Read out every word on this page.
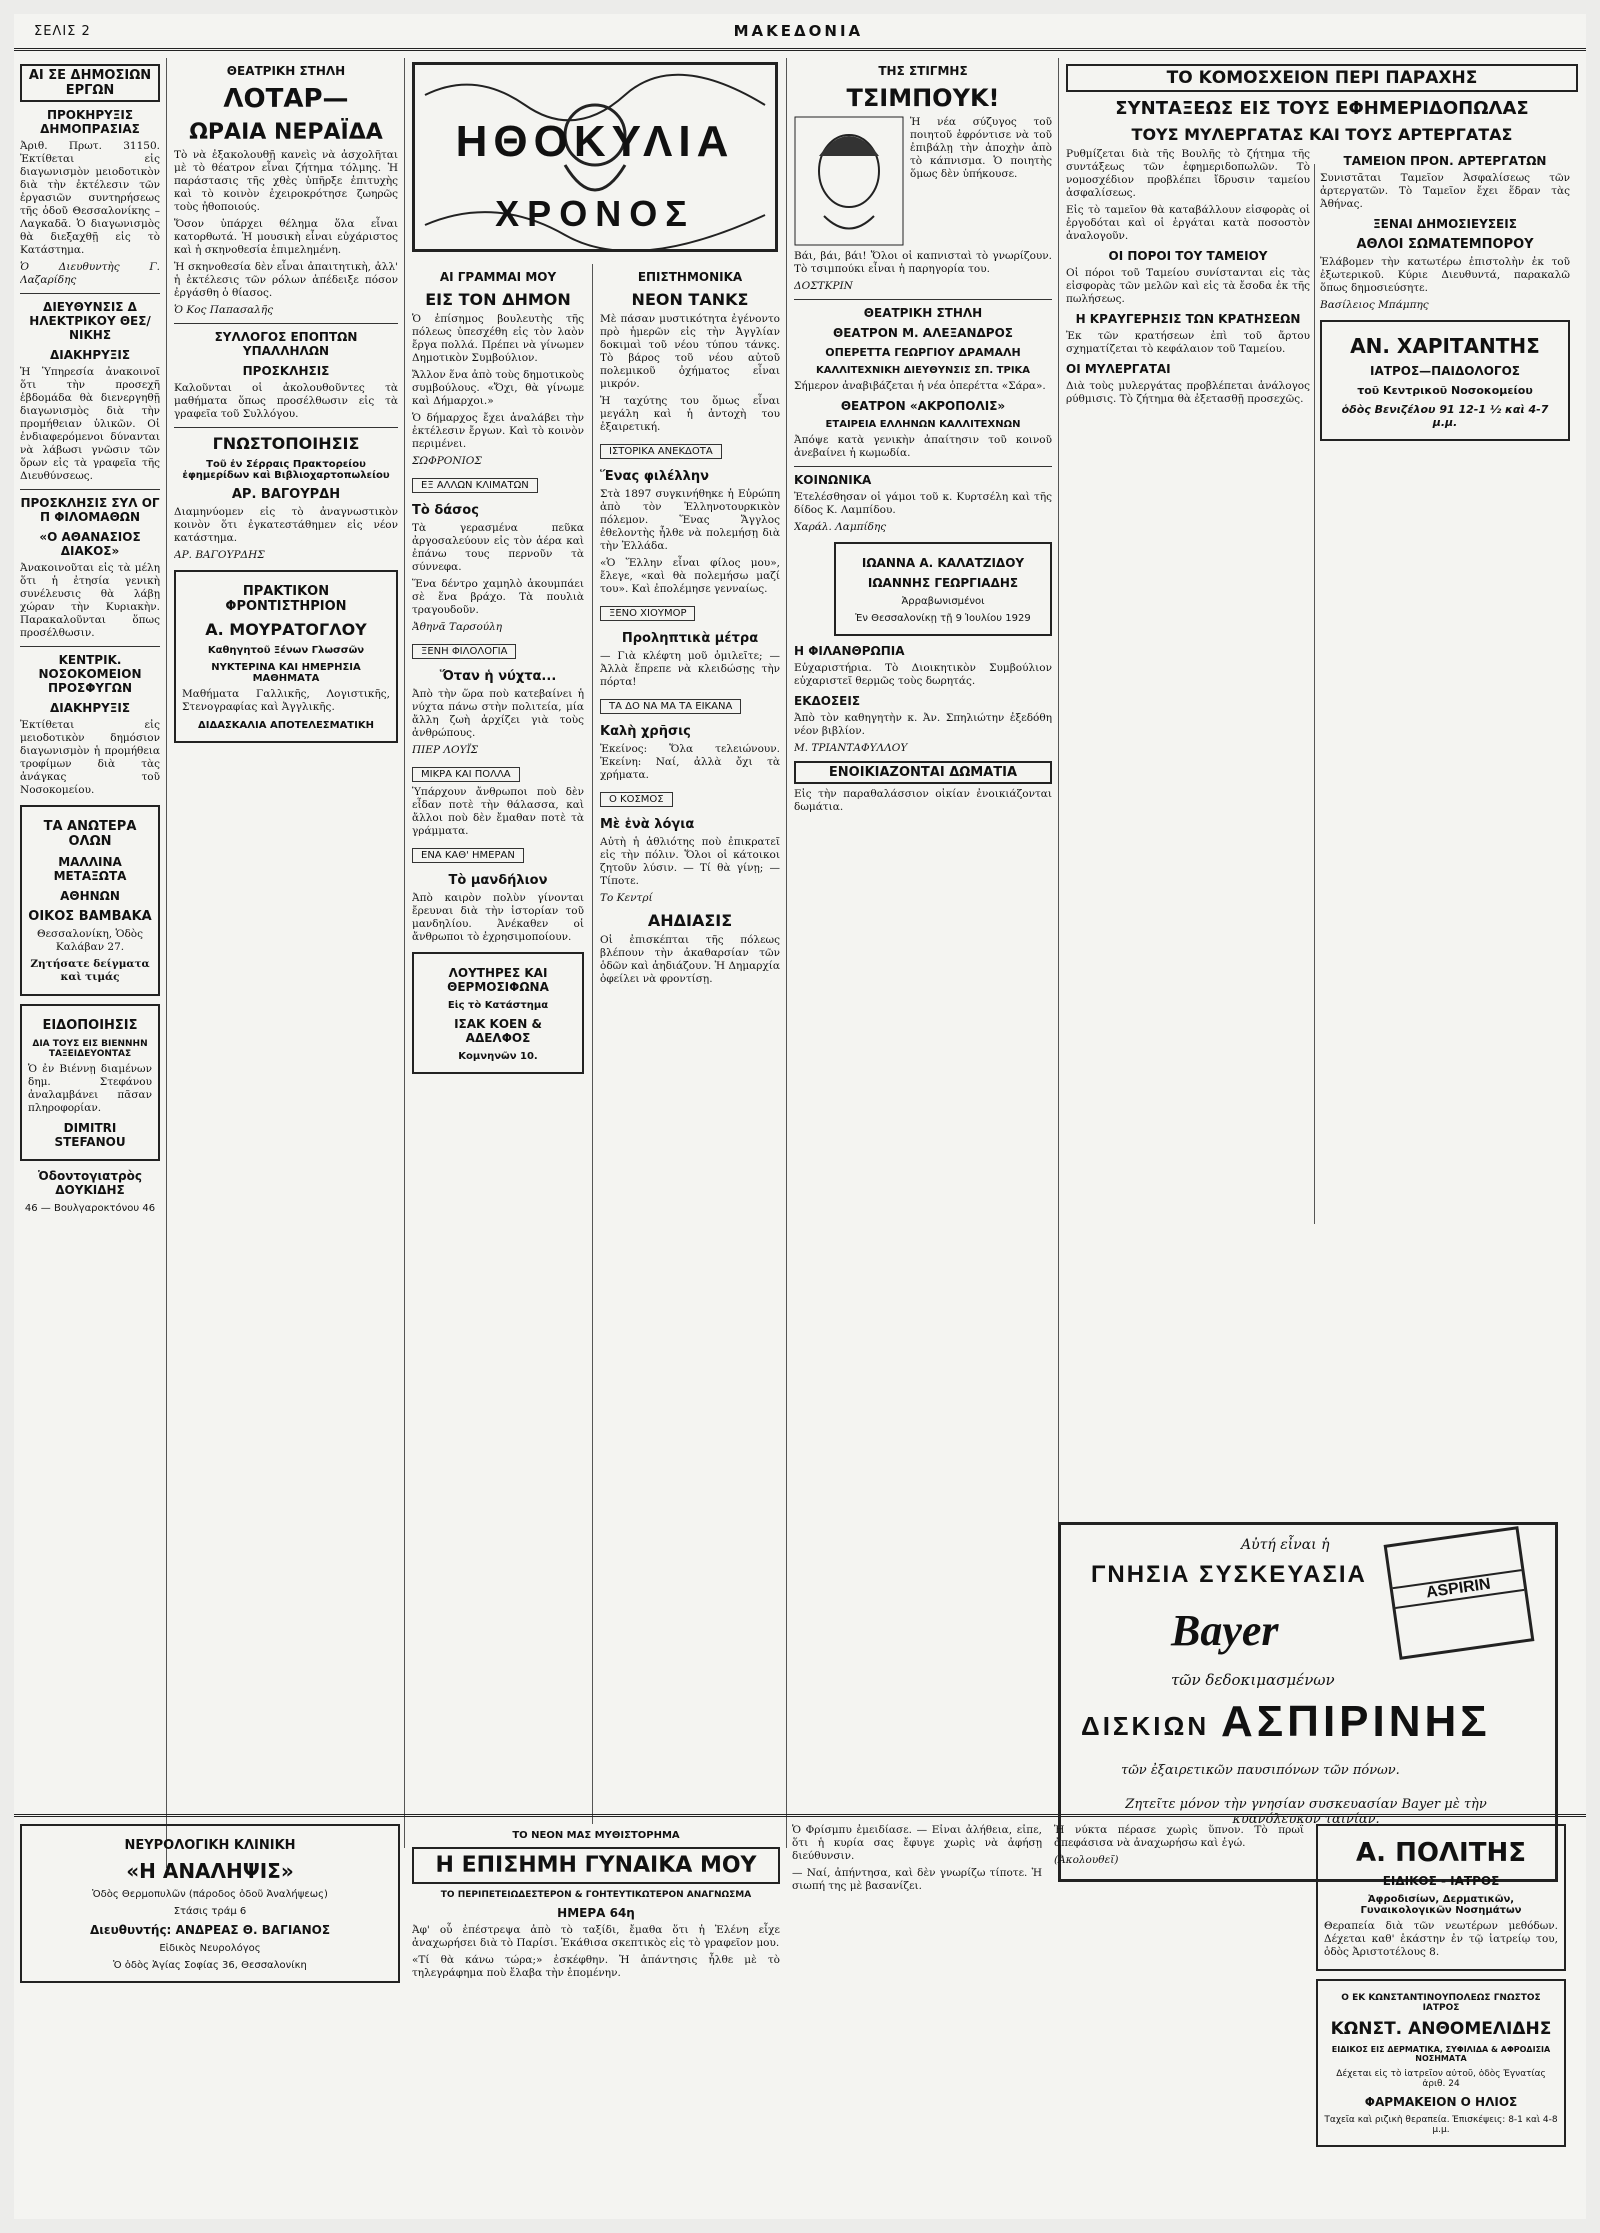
ΣΕΛΙΣ 2	ΜΑΚΕΔΟΝΙΑ
ΑΙ ΣΕ ΔΗΜΟΣΙΩΝ ΕΡΓΩΝ
ΠΡΟΚΗΡΥΞΙΣ ΔΗΜΟΠΡΑΣΙΑΣ

Ἀριθ. Πρωτ. 31150. Ἐκτίθεται εἰς διαγωνισμὸν μειοδοτικὸν διὰ τὴν ἐκτέλεσιν τῶν ἐργασιῶν συντηρήσεως τῆς ὁδοῦ Θεσσαλονίκης – Λαγκαδᾶ. Ὁ διαγωνισμὸς θὰ διεξαχθῇ εἰς τὸ Κατάστημα.

Ὁ Διευθυντὴς Γ. Λαζαρίδης

ΔΙΕΥΘΥΝΣΙΣ Δ ΗΛΕΚΤΡΙΚΟΥ ΘΕΣ/ΝΙΚΗΣ
ΔΙΑΚΗΡΥΞΙΣ

Ἡ Ὑπηρεσία ἀνακοινοῖ ὅτι τὴν προσεχῆ ἑβδομάδα θὰ διενεργηθῇ διαγωνισμὸς διὰ τὴν προμήθειαν ὑλικῶν. Οἱ ἐνδιαφερόμενοι δύνανται νὰ λάβωσι γνῶσιν τῶν ὅρων εἰς τὰ γραφεῖα τῆς Διευθύνσεως.

ΠΡΟΣΚΛΗΣΙΣ ΣΥΛ ΟΓ Π ΦΙΛΟΜΑΘΩΝ
«Ο ΑΘΑΝΑΣΙΟΣ ΔΙΑΚΟΣ»

Ἀνακοινοῦται εἰς τὰ μέλη ὅτι ἡ ἐτησία γενικὴ συνέλευσις θὰ λάβῃ χώραν τὴν Κυριακὴν. Παρακαλοῦνται ὅπως προσέλθωσιν.

ΚΕΝΤΡΙΚ. ΝΟΣΟΚΟΜΕΙΟΝ ΠΡΟΣΦΥΓΩΝ
ΔΙΑΚΗΡΥΞΙΣ

Ἐκτίθεται εἰς μειοδοτικὸν δημόσιον διαγωνισμὸν ἡ προμήθεια τροφίμων διὰ τὰς ἀνάγκας τοῦ Νοσοκομείου.

ΤΑ ΑΝΩΤΕΡΑ ΟΛΩΝ
ΜΑΛΛΙΝΑ ΜΕΤΑΞΩΤΑ
ΑΘΗΝΩΝ
ΟΙΚΟΣ ΒΑΜΒΑΚΑ

Θεσσαλονίκη, Ὁδὸς Καλάβαν 27.

Ζητήσατε δείγματα καὶ τιμάς

ΕΙΔΟΠΟΙΗΣΙΣ
ΔΙΑ ΤΟΥΣ ΕΙΣ ΒΙΕΝΝΗΝ ΤΑΞΕΙΔΕΥΟΝΤΑΣ

Ὁ ἐν Βιέννῃ διαμένων δημ. Στεφάνου ἀναλαμβάνει πᾶσαν πληροφορίαν.

DIMITRI STEFANOU
Ὀδοντογιατρὸς ΔΟΥΚΙΔΗΣ
46 — Βουλγαροκτόνου 46
ΘΕΑΤΡΙΚΗ ΣΤΗΛΗ
ΛΟΤΑΡ—
ΩΡΑΙΑ ΝΕΡΑΪΔΑ

Τὸ νὰ ἐξακολουθῇ κανεὶς νὰ ἀσχολῆται μὲ τὸ θέατρον εἶναι ζήτημα τόλμης. Ἡ παράστασις τῆς χθὲς ὑπῆρξε ἐπιτυχὴς καὶ τὸ κοινὸν ἐχειροκρότησε ζωηρῶς τοὺς ἠθοποιούς.

Ὅσον ὑπάρχει θέλημα ὅλα εἶναι κατορθωτά. Ἡ μουσικὴ εἶναι εὐχάριστος καὶ ἡ σκηνοθεσία ἐπιμελημένη.

Ἡ σκηνοθεσία δὲν εἶναι ἀπαιτητικὴ, ἀλλ' ἡ ἐκτέλεσις τῶν ρόλων ἀπέδειξε πόσον ἐργάσθη ὁ θίασος.

Ὁ Κος Παπασαλῆς

ΣΥΛΛΟΓΟΣ ΕΠΟΠΤΩΝ ΥΠΑΛΛΗΛΩΝ
ΠΡΟΣΚΛΗΣΙΣ

Καλοῦνται οἱ ἀκολουθοῦντες τὰ μαθήματα ὅπως προσέλθωσιν εἰς τὰ γραφεῖα τοῦ Συλλόγου.

ΓΝΩΣΤΟΠΟΙΗΣΙΣ
Τοῦ ἐν Σέρραις Πρακτορείου ἐφημερίδων καὶ Βιβλιοχαρτοπωλείου
ΑΡ. ΒΑΓΟΥΡΔΗ

Διαμηνύομεν εἰς τὸ ἀναγνωστικὸν κοινὸν ὅτι ἐγκατεστάθημεν εἰς νέον κατάστημα.

ΑΡ. ΒΑΓΟΥΡΔΗΣ

ΠΡΑΚΤΙΚΟΝ ΦΡΟΝΤΙΣΤΗΡΙΟΝ
Α. ΜΟΥΡΑΤΟΓΛΟΥ
Καθηγητοῦ Ξένων Γλωσσῶν
ΝΥΚΤΕΡΙΝΑ ΚΑΙ ΗΜΕΡΗΣΙΑ ΜΑΘΗΜΑΤΑ

Μαθήματα Γαλλικῆς, Λογιστικῆς, Στενογραφίας καὶ Ἀγγλικῆς.

ΔΙΔΑΣΚΑΛΙΑ ΑΠΟΤΕΛΕΣΜΑΤΙΚΗ
ΗΘΟΚΥΛΙΑ
ΧΡΟΝΟΣ
ΑΙ ΓΡΑΜΜΑΙ ΜΟΥ
ΕΙΣ ΤΟΝ ΔΗΜΟΝ

Ὁ ἐπίσημος βουλευτὴς τῆς πόλεως ὑπεσχέθη εἰς τὸν λαὸν ἔργα πολλά. Πρέπει νὰ γίνωμεν Δημοτικὸν Συμβούλιον.

Ἄλλον ἕνα ἀπὸ τοὺς δημοτικοὺς συμβούλους. «Ὄχι, θὰ γίνωμε καὶ Δήμαρχοι.»

Ὁ δήμαρχος ἔχει ἀναλάβει τὴν ἐκτέλεσιν ἔργων. Καὶ τὸ κοινὸν περιμένει.

ΣΩΦΡΟΝΙΟΣ

ΕΞ ΑΛΛΩΝ ΚΛΙΜΑΤΩΝ
Τὸ δάσος

Τὰ γερασμένα πεῦκα ἀργοσαλεύουν εἰς τὸν ἀέρα καὶ ἐπάνω τους περνοῦν τὰ σύννεφα.

Ἕνα δέντρο χαμηλὸ ἀκουμπάει σὲ ἕνα βράχο. Τὰ πουλιὰ τραγουδοῦν.

Ἀθηνᾶ Ταρσούλη

ΞΕΝΗ ΦΙΛΟΛΟΓΙΑ
Ὅταν ἡ νύχτα...

Ἀπὸ τὴν ὥρα ποὺ κατεβαίνει ἡ νύχτα πάνω στὴν πολιτεία, μία ἄλλη ζωὴ ἀρχίζει γιὰ τοὺς ἀνθρώπους.

ΠΙΕΡ ΛΟΥΪΣ

ΜΙΚΡΑ ΚΑΙ ΠΟΛΛΑ

Ὑπάρχουν ἄνθρωποι ποὺ δὲν εἶδαν ποτὲ τὴν θάλασσα, καὶ ἄλλοι ποὺ δὲν ἔμαθαν ποτὲ τὰ γράμματα.

ΕΝΑ ΚΑΘ' ΗΜΕΡΑΝ
Τὸ μανδήλιον

Ἀπὸ καιρὸν πολὺν γίνονται ἔρευναι διὰ τὴν ἱστορίαν τοῦ μανδηλίου. Ἀνέκαθεν οἱ ἄνθρωποι τὸ ἐχρησιμοποίουν.

ΛΟΥΤΗΡΕΣ ΚΑΙ ΘΕΡΜΟΣΙΦΩΝΑ
Εἰς τὸ Κατάστημα
ΙΣΑΚ ΚΟΕΝ & ΑΔΕΛΦΟΣ
Κομνηνῶν 10.
ΕΠΙΣΤΗΜΟΝΙΚΑ
ΝΕΟΝ ΤΑΝΚΣ

Μὲ πάσαν μυστικότητα ἐγένοντο πρὸ ἡμερῶν εἰς τὴν Ἀγγλίαν δοκιμαὶ τοῦ νέου τύπου τάνκς. Τὸ βάρος τοῦ νέου αὐτοῦ πολεμικοῦ ὀχήματος εἶναι μικρόν.

Ἡ ταχύτης του ὅμως εἶναι μεγάλη καὶ ἡ ἀντοχὴ του ἐξαιρετική.

ΙΣΤΟΡΙΚΑ ΑΝΕΚΔΟΤΑ
Ἕνας φιλέλλην

Στὰ 1897 συγκινήθηκε ἡ Εὐρώπη ἀπὸ τὸν Ἑλληνοτουρκικὸν πόλεμον. Ἕνας Ἄγγλος ἐθελοντὴς ἦλθε νὰ πολεμήσῃ διὰ τὴν Ἑλλάδα.

«Ὁ Ἕλλην εἶναι φίλος μου», ἔλεγε, «καὶ θὰ πολεμήσω μαζί του». Καὶ ἐπολέμησε γενναίως.

ΞΕΝΟ ΧΙΟΥΜΟΡ
Προληπτικὰ μέτρα

— Γιὰ κλέφτη μοῦ ὁμιλεῖτε; — Ἀλλὰ ἔπρεπε νὰ κλειδώσῃς τὴν πόρτα!

ΤΑ ΔΟ ΝΑ ΜΑ ΤΑ ΕΙΚΑΝΑ
Καλὴ χρῆσις

Ἐκείνος: Ὅλα τελειώνουν. Ἐκείνη: Ναί, ἀλλὰ ὄχι τὰ χρήματα.

Ο ΚΟΣΜΟΣ
Μὲ ἑνὰ λόγια

Αὐτὴ ἡ ἀθλιότης ποὺ ἐπικρατεῖ εἰς τὴν πόλιν. Ὅλοι οἱ κάτοικοι ζητοῦν λύσιν. — Τί θὰ γίνῃ; — Τίποτε.

Το Κεντρί

ΑΗΔΙΑΣΙΣ

Οἱ ἐπισκέπται τῆς πόλεως βλέπουν τὴν ἀκαθαρσίαν τῶν ὁδῶν καὶ ἀηδιάζουν. Ἡ Δημαρχία ὀφείλει νὰ φροντίσῃ.

ΤΗΣ ΣΤΙΓΜΗΣ
ΤΣΙΜΠΟΥΚ!

Ἡ νέα σύζυγος τοῦ ποιητοῦ ἐφρόντισε νὰ τοῦ ἐπιβάλῃ τὴν ἀποχὴν ἀπὸ τὸ κάπνισμα. Ὁ ποιητὴς ὅμως δὲν ὑπήκουσε.

Βάι, βάι, βάι! Ὅλοι οἱ καπνισταὶ τὸ γνωρίζουν. Τὸ τσιμπούκι εἶναι ἡ παρηγορία του.

ΔΟΣΤΚΡΙΝ

ΘΕΑΤΡΙΚΗ ΣΤΗΛΗ
ΘΕΑΤΡΟΝ Μ. ΑΛΕΞΑΝΔΡΟΣ
ΟΠΕΡΕΤΤΑ ΓΕΩΡΓΙΟΥ ΔΡΑΜΑΛΗ
ΚΑΛΛΙΤΕΧΝΙΚΗ ΔΙΕΥΘΥΝΣΙΣ ΣΠ. ΤΡΙΚΑ

Σήμερον ἀναβιβάζεται ἡ νέα ὀπερέττα «Σάρα».

ΘΕΑΤΡΟΝ «ΑΚΡΟΠΟΛΙΣ»
ΕΤΑΙΡΕΙΑ ΕΛΛΗΝΩΝ ΚΑΛΛΙΤΕΧΝΩΝ

Ἀπόψε κατὰ γενικὴν ἀπαίτησιν τοῦ κοινοῦ ἀνεβαίνει ἡ κωμωδία.

ΚΟΙΝΩΝΙΚΑ

Ἐτελέσθησαν οἱ γάμοι τοῦ κ. Κυρτσέλη καὶ τῆς δίδος Κ. Λαμπίδου.

Χαράλ. Λαμπίδης

ΙΩΑΝΝΑ Α. ΚΑΛΑΤΖΙΔΟΥ
ΙΩΑΝΝΗΣ ΓΕΩΡΓΙΑΔΗΣ
Ἀρραβωνισμένοι
Ἐν Θεσσαλονίκῃ τῇ 9 Ἰουλίου 1929
Η ΦΙΛΑΝΘΡΩΠΙΑ

Εὐχαριστήρια. Τὸ Διοικητικὸν Συμβούλιον εὐχαριστεῖ θερμῶς τοὺς δωρητάς.

ΕΚΔΟΣΕΙΣ

Ἀπὸ τὸν καθηγητὴν κ. Ἀν. Σπηλιώτην ἐξεδόθη νέον βιβλίον.

Μ. ΤΡΙΑΝΤΑΦΥΛΛΟΥ

ΕΝΟΙΚΙΑΖΟΝΤΑΙ ΔΩΜΑΤΙΑ

Εἰς τὴν παραθαλάσσιον οἰκίαν ἐνοικιάζονται δωμάτια.

ΤΟ ΚΟΜΟΣΧΕΙΟΝ ΠΕΡΙ ΠΑΡΑΧΗΣ
ΣΥΝΤΑΞΕΩΣ ΕΙΣ ΤΟΥΣ ΕΦΗΜΕΡΙΔΟΠΩΛΑΣ
ΤΟΥΣ ΜΥΛΕΡΓΑΤΑΣ ΚΑΙ ΤΟΥΣ ΑΡΤΕΡΓΑΤΑΣ

Ρυθμίζεται διὰ τῆς Βουλῆς τὸ ζήτημα τῆς συντάξεως τῶν ἐφημεριδοπωλῶν. Τὸ νομοσχέδιον προβλέπει ἴδρυσιν ταμείου ἀσφαλίσεως.

Εἰς τὸ ταμεῖον θὰ καταβάλλουν εἰσφορὰς οἱ ἐργοδόται καὶ οἱ ἐργάται κατὰ ποσοστὸν ἀναλογοῦν.

ΟΙ ΠΟΡΟΙ ΤΟΥ ΤΑΜΕΙΟΥ

Οἱ πόροι τοῦ Ταμείου συνίστανται εἰς τὰς εἰσφορὰς τῶν μελῶν καὶ εἰς τὰ ἔσοδα ἐκ τῆς πωλήσεως.

Η ΚΡΑΥΓΕΡΗΣΙΣ ΤΩΝ ΚΡΑΤΗΣΕΩΝ

Ἐκ τῶν κρατήσεων ἐπὶ τοῦ ἄρτου σχηματίζεται τὸ κεφάλαιον τοῦ Ταμείου.

ΟΙ ΜΥΛΕΡΓΑΤΑΙ

Διὰ τοὺς μυλεργάτας προβλέπεται ἀνάλογος ρύθμισις. Τὸ ζήτημα θὰ ἐξετασθῇ προσεχῶς.

ΤΑΜΕΙΟΝ ΠΡΟΝ. ΑΡΤΕΡΓΑΤΩΝ

Συνιστᾶται Ταμεῖον Ἀσφαλίσεως τῶν ἀρτεργατῶν. Τὸ Ταμεῖον ἔχει ἕδραν τὰς Ἀθήνας.

ΞΕΝΑΙ ΔΗΜΟΣΙΕΥΣΕΙΣ
ΑΘΛΟΙ ΣΩΜΑΤΕΜΠΟΡΟΥ

Ἐλάβομεν τὴν κατωτέρω ἐπιστολὴν ἐκ τοῦ ἐξωτερικοῦ. Κύριε Διευθυντά, παρακαλῶ ὅπως δημοσιεύσητε.

Βασίλειος Μπάμπης

ΑΝ. ΧΑΡΙΤΑΝΤΗΣ
ΙΑΤΡΟΣ—ΠΑΙΔΟΛΟΓΟΣ
τοῦ Κεντρικοῦ Νοσοκομείου
ὁδὸς Βενιζέλου 91 12-1 ½ καὶ 4-7 μ.μ.
Αὐτή εἶναι ἡ
ΓΝΗΣΙΑ ΣΥΣΚΕΥΑΣΙΑ
Bayer
τῶν δεδοκιμασμένων
ΔΙΣΚΙΩΝ ΑΣΠΙΡΙΝΗΣ
τῶν ἐξαιρετικῶν παυσιπόνων τῶν πόνων.
Ζητεῖτε μόνον τὴν γνησίαν συσκευασίαν Bayer μὲ τὴν κυανόλευκον ταινίαν.
ASPIRIN
ΝΕΥΡΟΛΟΓΙΚΗ ΚΛΙΝΙΚΗ
«Η ΑΝΑΛΗΨΙΣ»
Ὁδὸς Θερμοπυλῶν (πάροδος ὁδοῦ Ἀναλήψεως)
Στάσις τράμ 6
Διευθυντής: ΑΝΔΡΕΑΣ Θ. ΒΑΓΙΑΝΟΣ
Εἰδικὸς Νευρολόγος
Ὁ ὁδὸς Ἁγίας Σοφίας 36, Θεσσαλονίκη
ΤΟ ΝΕΟΝ ΜΑΣ ΜΥΘΙΣΤΟΡΗΜΑ
Η ΕΠΙΣΗΜΗ ΓΥΝΑΙΚΑ ΜΟΥ
ΤΟ ΠΕΡΙΠΕΤΕΙΩΔΕΣΤΕΡΟΝ & ΓΟΗΤΕΥΤΙΚΩΤΕΡΟΝ ΑΝΑΓΝΩΣΜΑ
ΗΜΕΡΑ 64η

Ἀφ' οὗ ἐπέστρεψα ἀπὸ τὸ ταξίδι, ἔμαθα ὅτι ἡ Ἐλένη εἶχε ἀναχωρήσει διὰ τὸ Παρίσι. Ἐκάθισα σκεπτικὸς εἰς τὸ γραφεῖον μου.

«Τί θὰ κάνω τώρα;» ἐσκέφθην. Ἡ ἀπάντησις ἦλθε μὲ τὸ τηλεγράφημα ποὺ ἔλαβα τὴν ἑπομένην.

Ὁ Φρίσμπυ ἐμειδίασε. — Εἶναι ἀλήθεια, εἶπε, ὅτι ἡ κυρία σας ἔφυγε χωρὶς νὰ ἀφήσῃ διεύθυνσιν.

— Ναί, ἀπήντησα, καὶ δὲν γνωρίζω τίποτε. Ἡ σιωπή της μὲ βασανίζει.

Ἡ νύκτα πέρασε χωρὶς ὕπνον. Τὸ πρωΐ ἀπεφάσισα νὰ ἀναχωρήσω καὶ ἐγώ.

(Ἀκολουθεῖ)	Α. ΠΟΛΙΤΗΣ
ΕΙΔΙΚΟΣ - ΙΑΤΡΟΣ
Ἀφροδισίων, Δερματικῶν, Γυναικολογικῶν Νοσημάτων

Θεραπεία διὰ τῶν νεωτέρων μεθόδων. Δέχεται καθ' ἑκάστην ἐν τῷ ἰατρείῳ του, ὁδὸς Ἀριστοτέλους 8.

Ο ΕΚ ΚΩΝΣΤΑΝΤΙΝΟΥΠΟΛΕΩΣ ΓΝΩΣΤΟΣ ΙΑΤΡΟΣ
ΚΩΝΣΤ. ΑΝΘΟΜΕΛΙΔΗΣ
ΕΙΔΙΚΟΣ ΕΙΣ ΔΕΡΜΑΤΙΚΑ, ΣΥΦΙΛΙΔΑ & ΑΦΡΟΔΙΣΙΑ ΝΟΣΗΜΑΤΑ
Δέχεται εἰς τὸ ἰατρεῖον αὐτοῦ, ὁδὸς Ἐγνατίας ἀριθ. 24
ΦΑΡΜΑΚΕΙΟΝ Ο ΗΛΙΟΣ
Ταχεῖα καὶ ριζικὴ θεραπεία. Ἐπισκέψεις: 8-1 καὶ 4-8 μ.μ.
